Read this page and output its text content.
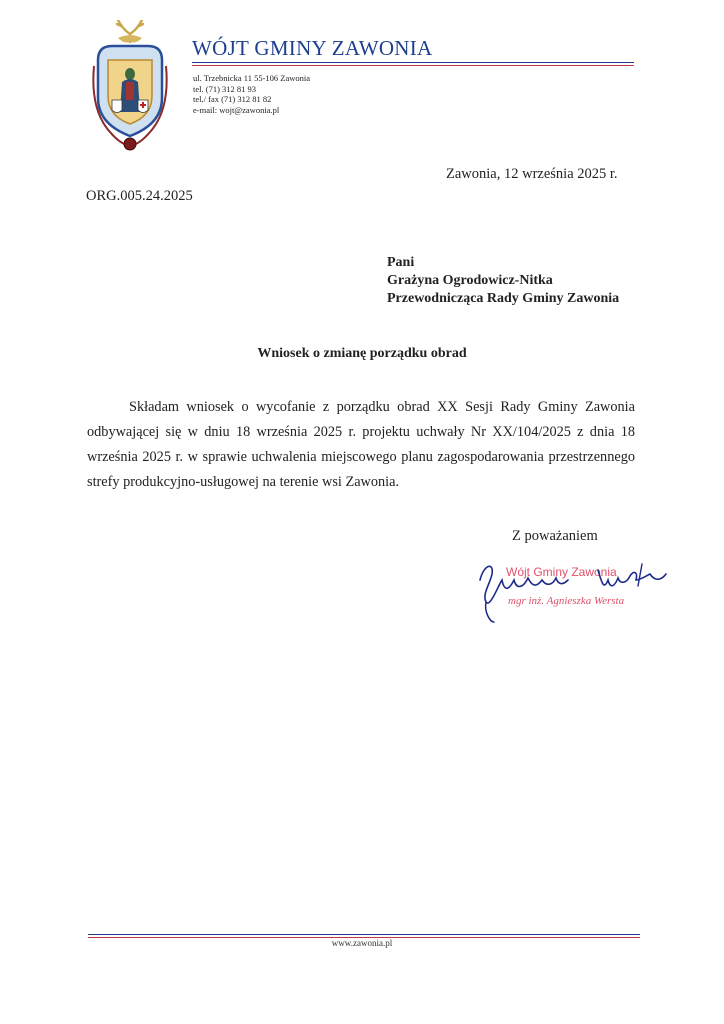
WÓJT GMINY ZAWONIA
ul. Trzebnicka 11 55-106 Zawonia
tel. (71) 312 81 93
tel./ fax (71) 312 81 82
e-mail: wojt@zawonia.pl
Zawonia, 12 września 2025 r.
ORG.005.24.2025
Pani
Grażyna Ogrodowicz-Nitka
Przewodnicząca Rady Gminy Zawonia
Wniosek o zmianę porządku obrad

Składam wniosek o wycofanie z porządku obrad XX Sesji Rady Gminy Zawonia odbywającej się w dniu 18 września 2025 r. projektu uchwały Nr XX/104/2025 z dnia 18 września 2025 r. w sprawie uchwalenia miejscowego planu zagospodarowania przestrzennego strefy produkcyjno-usługowej na terenie wsi Zawonia.

Z poważaniem
Wójt Gminy Zawonia
mgr inż. Agnieszka Wersta
www.zawonia.pl
